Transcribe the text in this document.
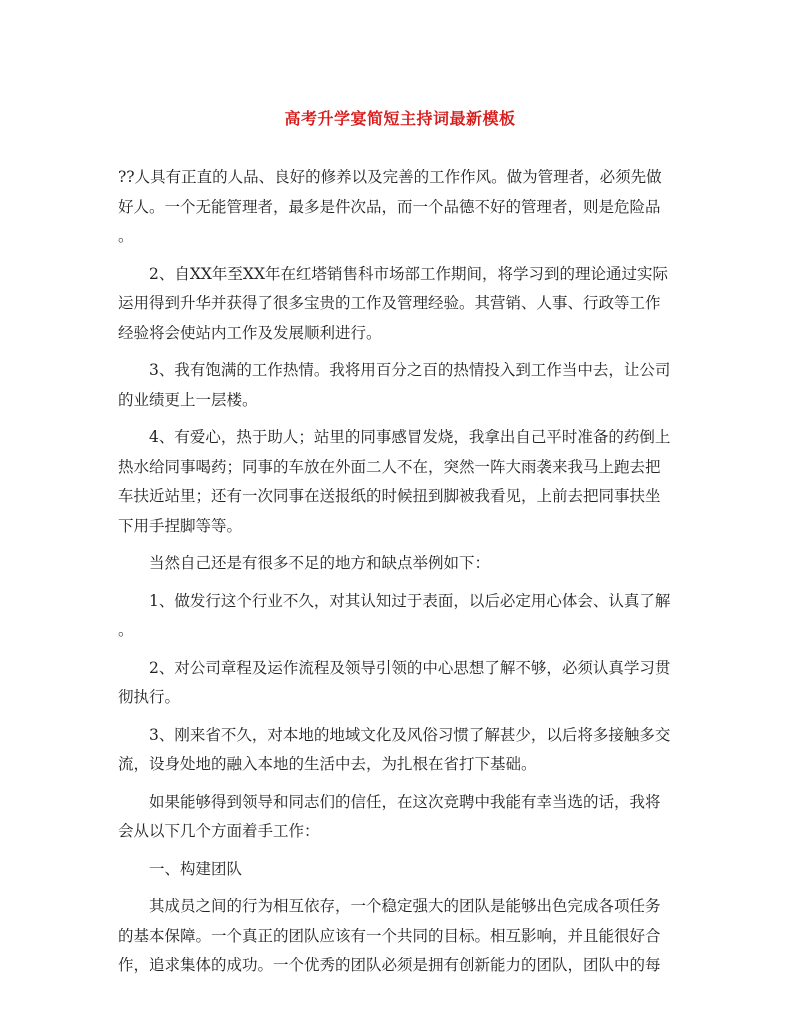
高考升学宴简短主持词最新模板

??人具有正直的人品、良好的修养以及完善的工作作风。做为管理者，必须先做
好人。一个无能管理者，最多是件次品，而一个品德不好的管理者，则是危险品
。

　　2、自XX年至XX年在红塔销售科市场部工作期间，将学习到的理论通过实际
运用得到升华并获得了很多宝贵的工作及管理经验。其营销、人事、行政等工作
经验将会使站内工作及发展顺利进行。

　　3、我有饱满的工作热情。我将用百分之百的热情投入到工作当中去，让公司
的业绩更上一层楼。

　　4、有爱心，热于助人；站里的同事感冒发烧，我拿出自己平时准备的药倒上
热水给同事喝药；同事的车放在外面二人不在，突然一阵大雨袭来我马上跑去把
车扶近站里；还有一次同事在送报纸的时候扭到脚被我看见，上前去把同事扶坐
下用手捏脚等等。

　　当然自己还是有很多不足的地方和缺点举例如下：

　　1、做发行这个行业不久，对其认知过于表面，以后必定用心体会、认真了解
。

　　2、对公司章程及运作流程及领导引领的中心思想了解不够，必须认真学习贯
彻执行。

　　3、刚来省不久，对本地的地域文化及风俗习惯了解甚少，以后将多接触多交
流，设身处地的融入本地的生活中去，为扎根在省打下基础。

　　如果能够得到领导和同志们的信任，在这次竞聘中我能有幸当选的话，我将
会从以下几个方面着手工作：

　　一、构建团队

　　其成员之间的行为相互依存，一个稳定强大的团队是能够出色完成各项任务
的基本保障。一个真正的团队应该有一个共同的目标。相互影响，并且能很好合
作，追求集体的成功。一个优秀的团队必须是拥有创新能力的团队，团队中的每
